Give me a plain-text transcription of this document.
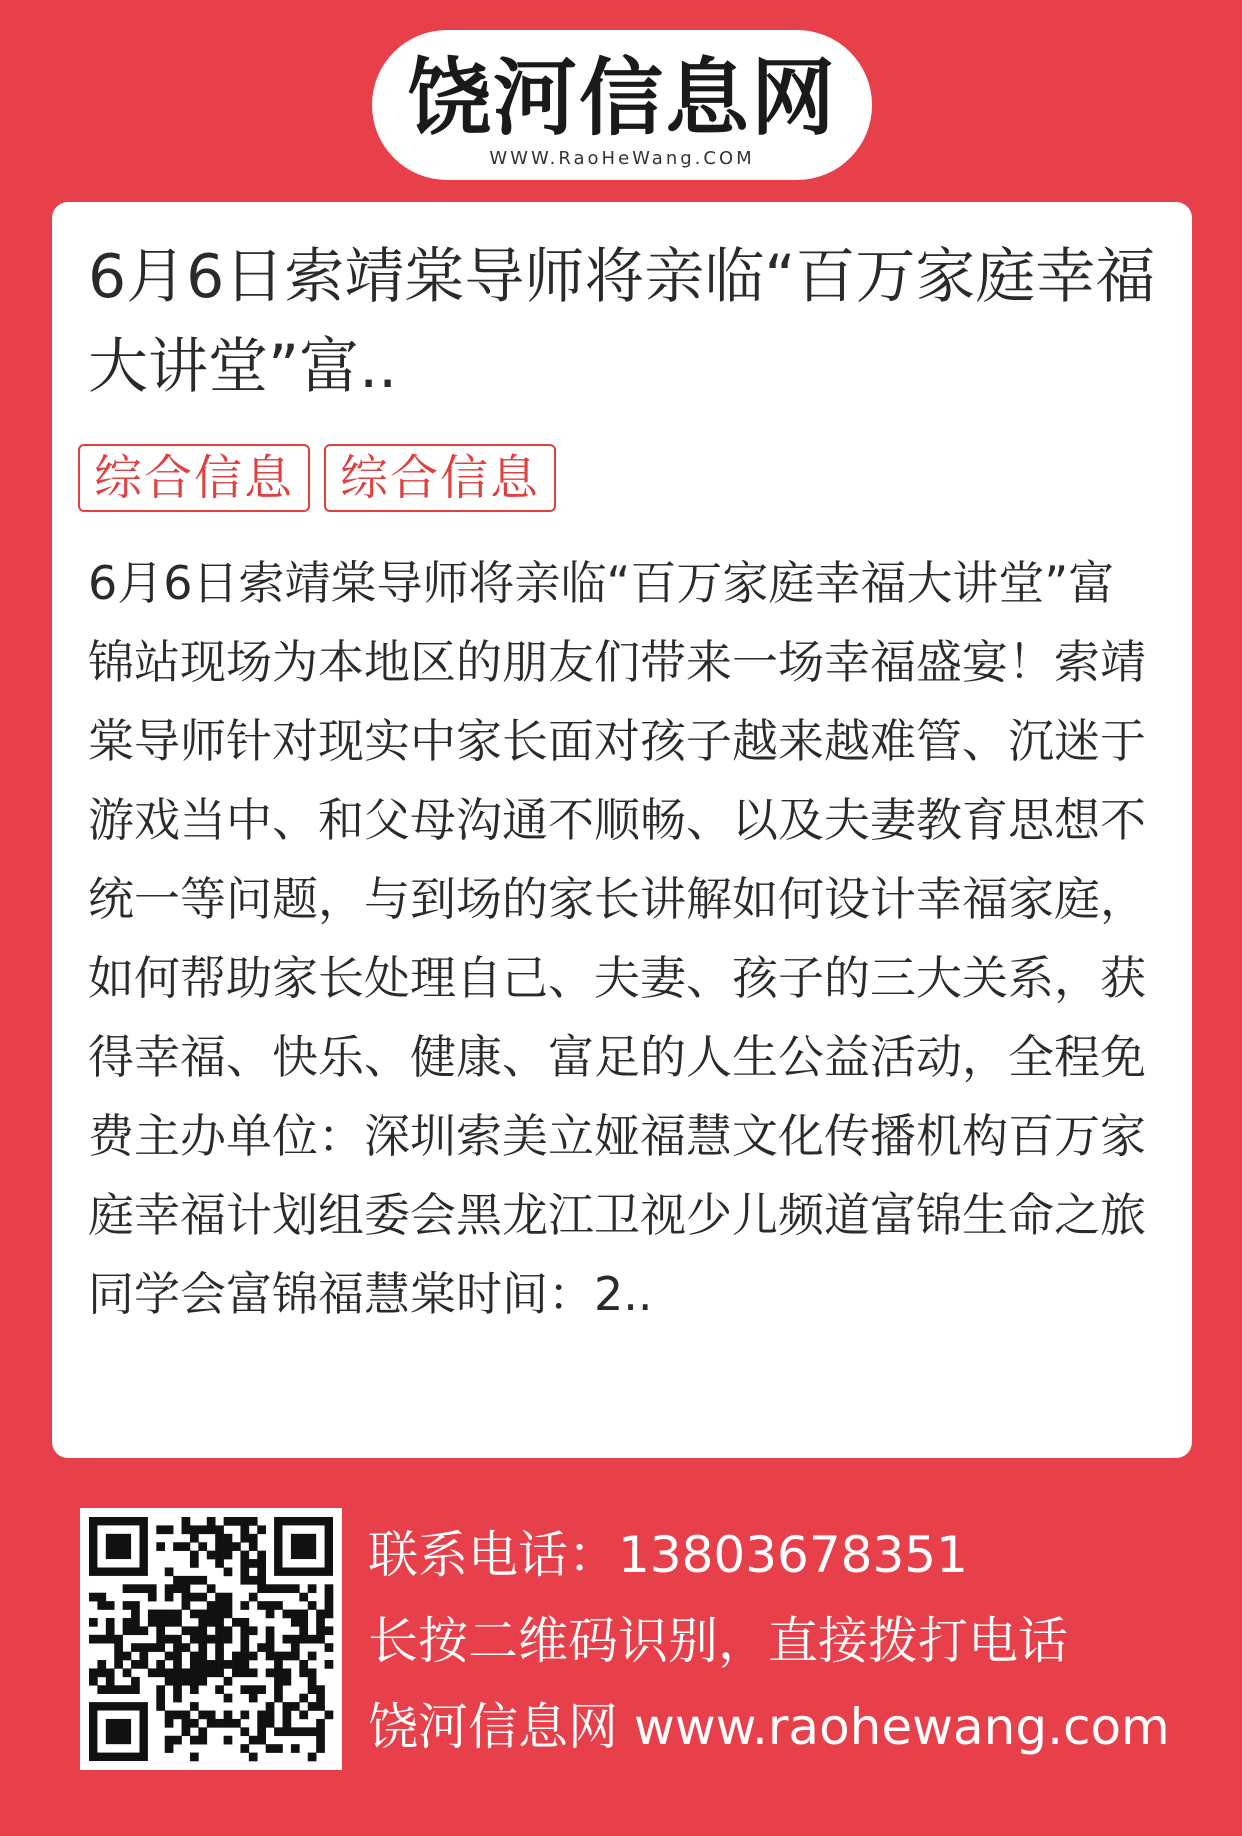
饶河信息网
WWW.RaoHeWang.COM
6月6日索靖棠导师将亲临“百万家庭幸福大讲堂”富..
综合信息 综合信息

6月6日索靖棠导师将亲临“百万家庭幸福大讲堂”富锦站现场为本地区的朋友们带来一场幸福盛宴！索靖棠导师针对现实中家长面对孩子越来越难管、沉迷于游戏当中、和父母沟通不顺畅、以及夫妻教育思想不统一等问题，与到场的家长讲解如何设计幸福家庭，如何帮助家长处理自己、夫妻、孩子的三大关系，获得幸福、快乐、健康、富足的人生公益活动，全程免费主办单位：深圳索美立娅福慧文化传播机构百万家庭幸福计划组委会黑龙江卫视少儿频道富锦生命之旅同学会富锦福慧棠时间：2..

联系电话：13803678351
长按二维码识别，直接拨打电话
饶河信息网 www.raohewang.com
